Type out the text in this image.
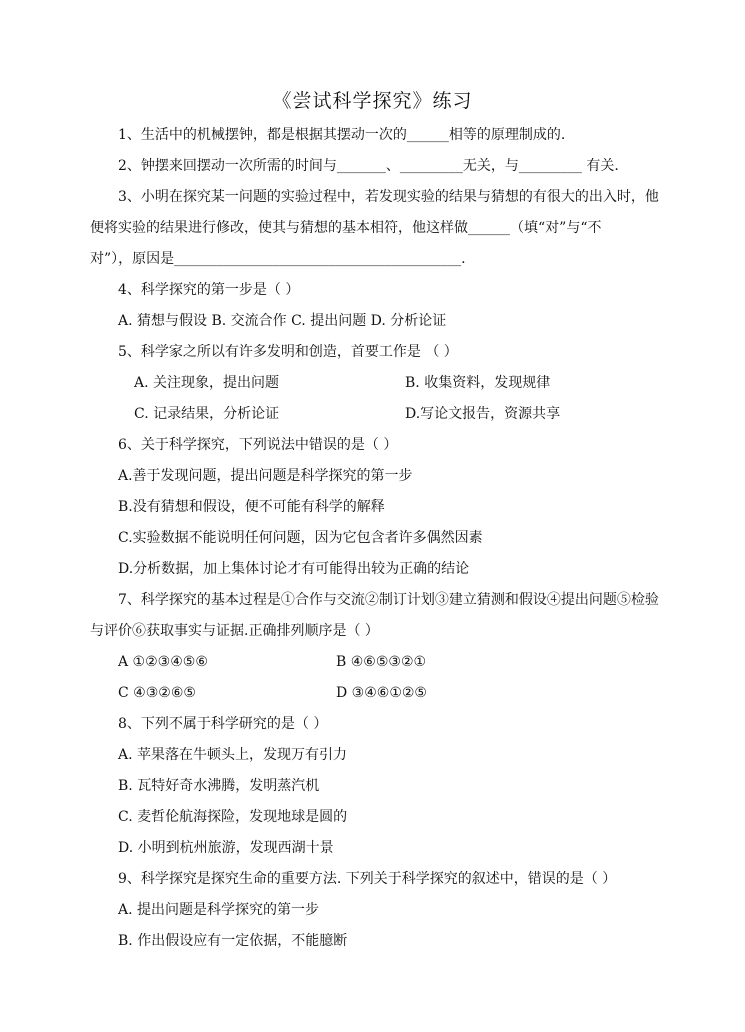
《尝试科学探究》练习
1、生活中的机械摆钟，都是根据其摆动一次的______相等的原理制成的.
2、钟摆来回摆动一次所需的时间与_______、_________无关，与_________ 有关.
3、小明在探究某一问题的实验过程中，若发现实验的结果与猜想的有很大的出入时，他
便将实验的结果进行修改，使其与猜想的基本相符，他这样做______（填“对”与“不
对”），原因是_________________________________________.
4、科学探究的第一步是（ ）
A. 猜想与假设 B. 交流合作 C. 提出问题 D. 分析论证
5、科学家之所以有许多发明和创造，首要工作是 （ ）
A. 关注现象，提出问题	B. 收集资料，发现规律
C. 记录结果，分析论证	D.写论文报告，资源共享
6、关于科学探究，下列说法中错误的是（ ）
A.善于发现问题，提出问题是科学探究的第一步
B.没有猜想和假设，便不可能有科学的解释
C.实验数据不能说明任何问题，因为它包含者许多偶然因素
D.分析数据，加上集体讨论才有可能得出较为正确的结论
7、科学探究的基本过程是①合作与交流②制订计划③建立猜测和假设④提出问题⑤检验
与评价⑥获取事实与证据.正确排列顺序是（ ）
A ①②③④⑤⑥	B ④⑥⑤③②①
C ④③②⑥⑤	D ③④⑥①②⑤
8、下列不属于科学研究的是（ ）
A. 苹果落在牛顿头上，发现万有引力
B. 瓦特好奇水沸腾，发明蒸汽机
C. 麦哲伦航海探险，发现地球是圆的
D. 小明到杭州旅游，发现西湖十景
9、科学探究是探究生命的重要方法. 下列关于科学探究的叙述中，错误的是（ ）
A. 提出问题是科学探究的第一步
B. 作出假设应有一定依据，不能臆断
